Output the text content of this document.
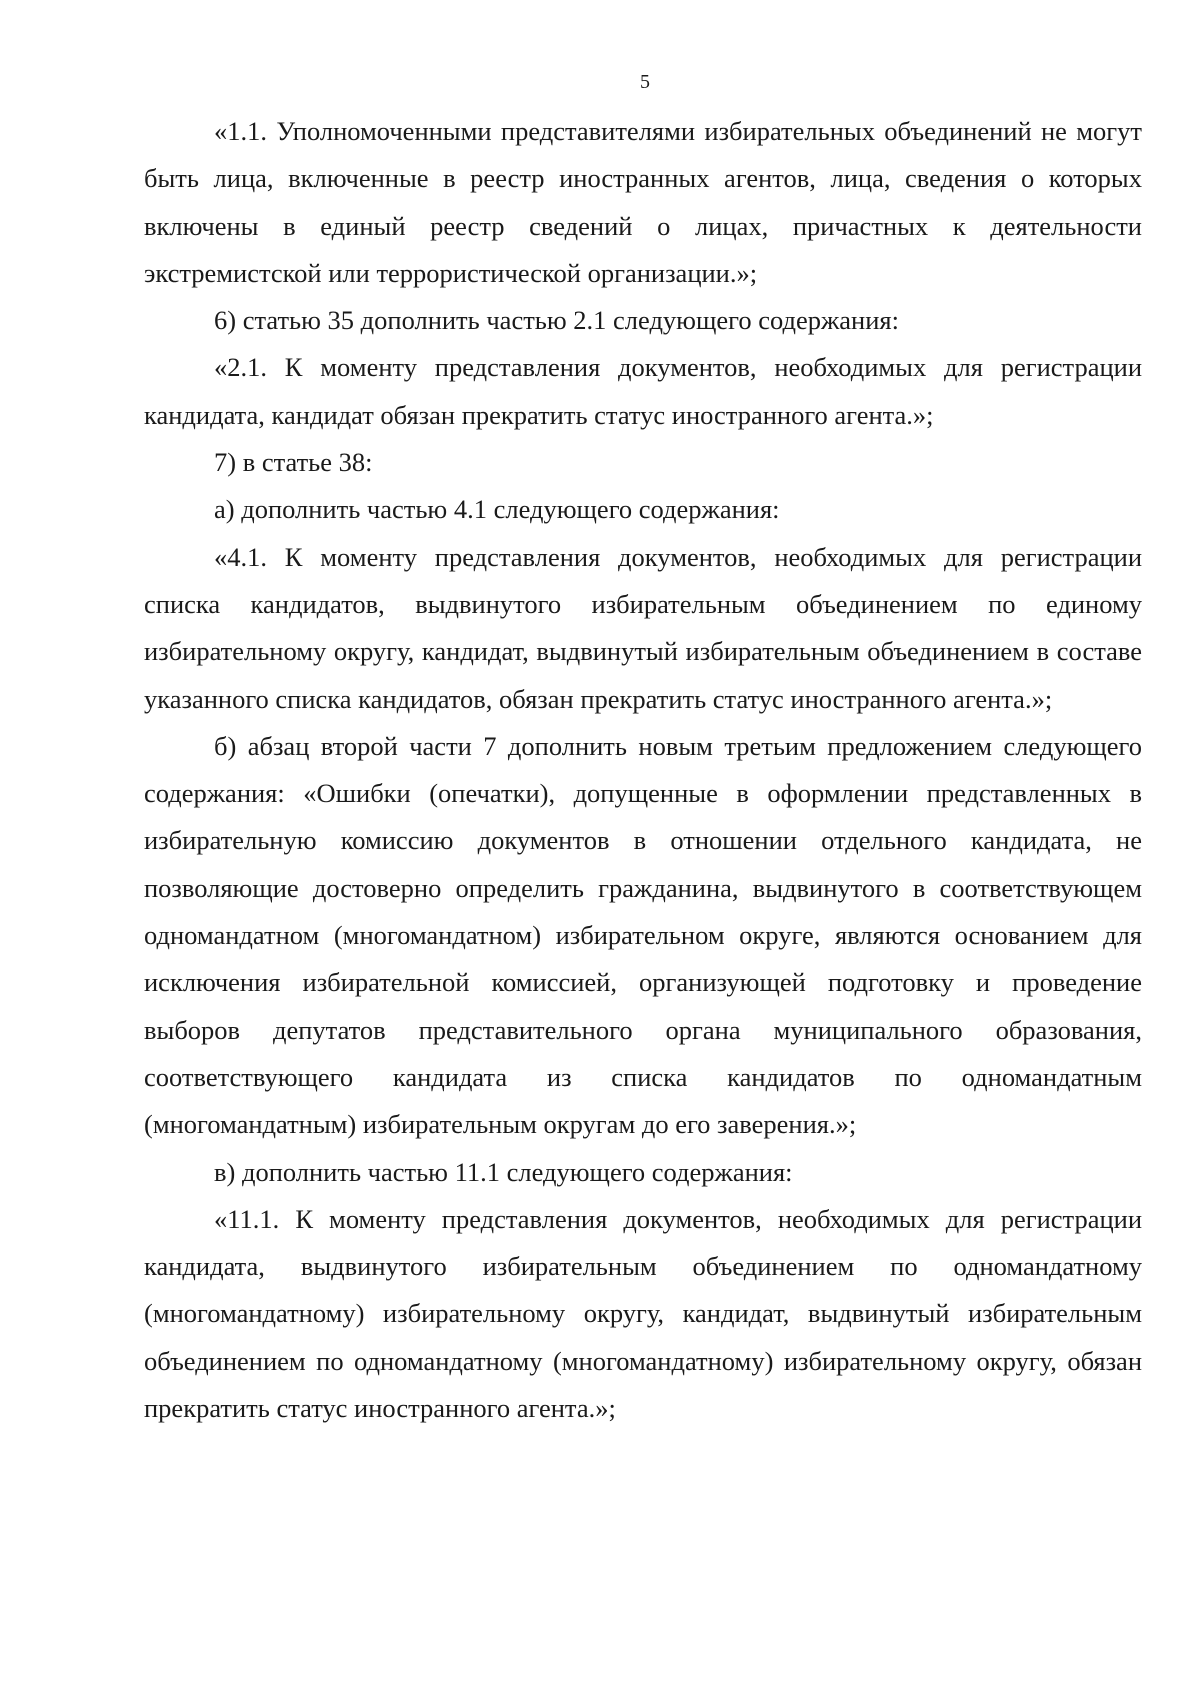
5

«1.1. Уполномоченными представителями избирательных объединений не могут быть лица, включенные в реестр иностранных агентов, лица, сведения о которых включены в единый реестр сведений о лицах, причастных к деятельности экстремистской или террористической организации.»;

6) статью 35 дополнить частью 2.1 следующего содержания:

«2.1. К моменту представления документов, необходимых для регистрации кандидата, кандидат обязан прекратить статус иностранного агента.»;

7) в статье 38:

а) дополнить частью 4.1 следующего содержания:

«4.1. К моменту представления документов, необходимых для регистрации списка кандидатов, выдвинутого избирательным объединением по единому избирательному округу, кандидат, выдвинутый избирательным объединением в составе указанного списка кандидатов, обязан прекратить статус иностранного агента.»;

б) абзац второй части 7 дополнить новым третьим предложением следующего содержания: «Ошибки (опечатки), допущенные в оформлении представленных в избирательную комиссию документов в отношении отдельного кандидата, не позволяющие достоверно определить гражданина, выдвинутого в соответствующем одномандатном (многомандатном) избирательном округе, являются основанием для исключения избирательной комиссией, организующей подготовку и проведение выборов депутатов представительного органа муниципального образования, соответствующего кандидата из списка кандидатов по одномандатным (многомандатным) избирательным округам до его заверения.»;

в) дополнить частью 11.1 следующего содержания:

«11.1. К моменту представления документов, необходимых для регистрации кандидата, выдвинутого избирательным объединением по одномандатному (многомандатному) избирательному округу, кандидат, выдвинутый избирательным объединением по одномандатному (многомандатному) избирательному округу, обязан прекратить статус иностранного агента.»;
